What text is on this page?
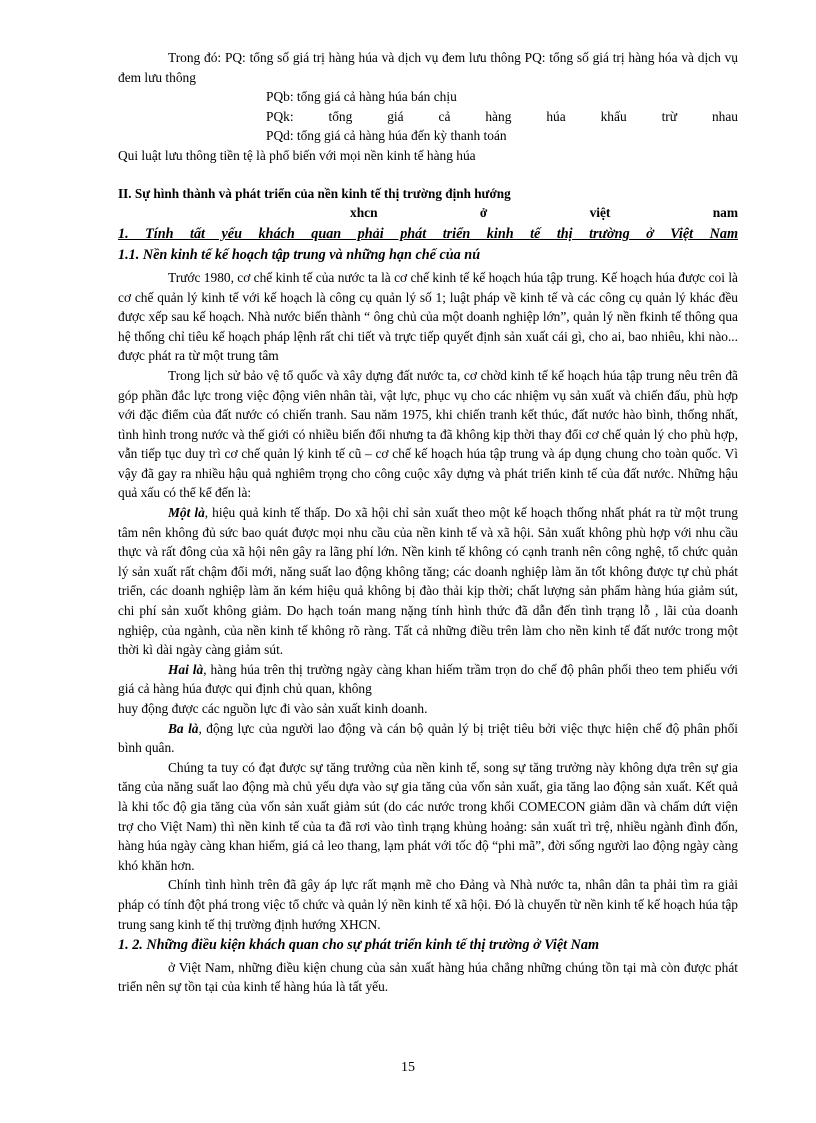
Trong đó: PQ: tổng số giá trị hàng húa và dịch vụ đem lưu thông PQ: tổng số giá trị hàng hóa và dịch vụ đem lưu thông

PQb: tổng giá cả hàng húa bán chịu

PQk: tổng giá cả hàng húa khấu trừ nhau

PQd: tổng giá cả hàng húa đến kỳ thanh toán

Qui luật lưu thông tiền tệ là phổ biến với mọi nền kinh tế hàng húa

II. Sự hình thành và phát triển của nền kinh tế thị trường định hướng

xhcn ở việt nam

1. Tính tất yếu khách quan phải phát triển kinh tế thị trường ở Việt Nam

1.1. Nền kinh tế kế hoạch tập trung và những hạn chế của nú

Trước 1980, cơ chế kinh tế của nước ta là cơ chế kinh tế kế hoạch húa tập trung. Kế hoạch húa được coi là cơ chế quản lý kinh tế với kế hoạch là công cụ quản lý số 1; luật pháp về kinh tế và các công cụ quản lý khác đều được xếp sau kế hoạch. Nhà nước biến thành “ ông chủ của một doanh nghiệp lớn”, quản lý nền fkinh tế thông qua hệ thống chỉ tiêu kế hoạch pháp lệnh rất chi tiết và trực tiếp quyết định sản xuất cái gì, cho ai, bao nhiêu, khi nào... được phát ra từ một trung tâm

Trong lịch sử bảo vệ tổ quốc và xây dựng đất nước ta, cơ chờd kinh tế kế hoạch húa tập trung nêu trên đã góp phần đắc lực trong việc động viên nhân tài, vật lực, phục vụ cho các nhiệm vụ sản xuất và chiến đấu, phù hợp với đặc điểm của đất nước có chiến tranh. Sau năm 1975, khi chiến tranh kết thúc, đất nước hào bình, thống nhất, tình hình trong nước và thế giới có nhiều biến đổi nhưng ta đã không kịp thời thay đổi cơ chế quản lý cho phù hợp, vẫn tiếp tục duy trì cơ chế quản lý kinh tế cũ – cơ chế kế hoạch húa tập trung và áp dụng chung cho toàn quốc. Vì vậy đã gay ra nhiều hậu quả nghiêm trọng cho công cuộc xây dựng và phát triển kinh tế của đất nước. Những hậu quả xấu có thể kể đến là:

Một là, hiệu quả kinh tế thấp. Do xã hội chỉ sản xuất theo một kế hoạch thống nhất phát ra từ một trung tâm nên không đủ sức bao quát được mọi nhu cầu của nền kinh tế và xã hội. Sản xuất không phù hợp với nhu cầu thực và rất đông của xã hội nên gây ra lãng phí lớn. Nền kinh tế không có cạnh tranh nên công nghệ, tổ chức quản lý sản xuất rất chậm đổi mới, năng suất lao động không tăng; các doanh nghiệp làm ăn tốt không được tự chủ phát triển, các doanh nghiệp làm ăn kém hiệu quả không bị đào thải kịp thời; chất lượng sản phẩm hàng húa giảm sút, chi phí sản xuốt không giảm. Do hạch toán mang nặng tính hình thức đã dẫn đến tình trạng lỗ , lãi của doanh nghiệp, của ngành, của nền kinh tế không rõ ràng. Tất cả những điều trên làm cho nền kinh tế đất nước trong một thời kì dài ngày càng giảm sút.

Hai là, hàng húa trên thị trường ngày càng khan hiếm trầm trọn do chế độ phân phối theo tem phiếu với giá cả hàng húa được qui định chủ quan, không

huy động được các nguồn lực đi vào sản xuất kinh doanh.

Ba là, động lực của người lao động và cán bộ quản lý bị triệt tiêu bởi việc thực hiện chế độ phân phối bình quân.

Chúng ta tuy có đạt được sự tăng trưởng của nền kinh tế, song sự tăng trưởng này không dựa trên sự gia tăng của năng suất lao động mà chủ yếu dựa vào sự gia tăng của vốn sản xuất, gia tăng lao động sản xuất. Kết quả là khi tốc độ gia tăng của vốn sản xuất giảm sút (do các nước trong khối COMECON giảm dần và chấm dứt viện trợ cho Việt Nam) thì nền kinh tế của ta đã rơi vào tình trạng khủng hoảng: sản xuất trì trệ, nhiều ngành đình đốn, hàng húa ngày càng khan hiếm, giá cả leo thang, lạm phát với tốc độ “phi mã”, đời sống người lao động ngày càng khó khăn hơn.

Chính tình hình trên đã gây áp lực rất mạnh mẽ cho Đảng và Nhà nước ta, nhân dân ta phải tìm ra giải pháp có tính đột phá trong việc tổ chức và quản lý nền kinh tế xã hội. Đó là chuyển từ nền kinh tế kế hoạch húa tập trung sang kinh tế thị trường định hướng XHCN.

1. 2. Những điều kiện khách quan cho sự phát triển kinh tế thị trường ở Việt Nam

ở Việt Nam, những điều kiện chung của sản xuất hàng húa chẳng những chúng tồn tại mà còn được phát triển nên sự tồn tại của kinh tế hàng húa là tất yếu.

15
